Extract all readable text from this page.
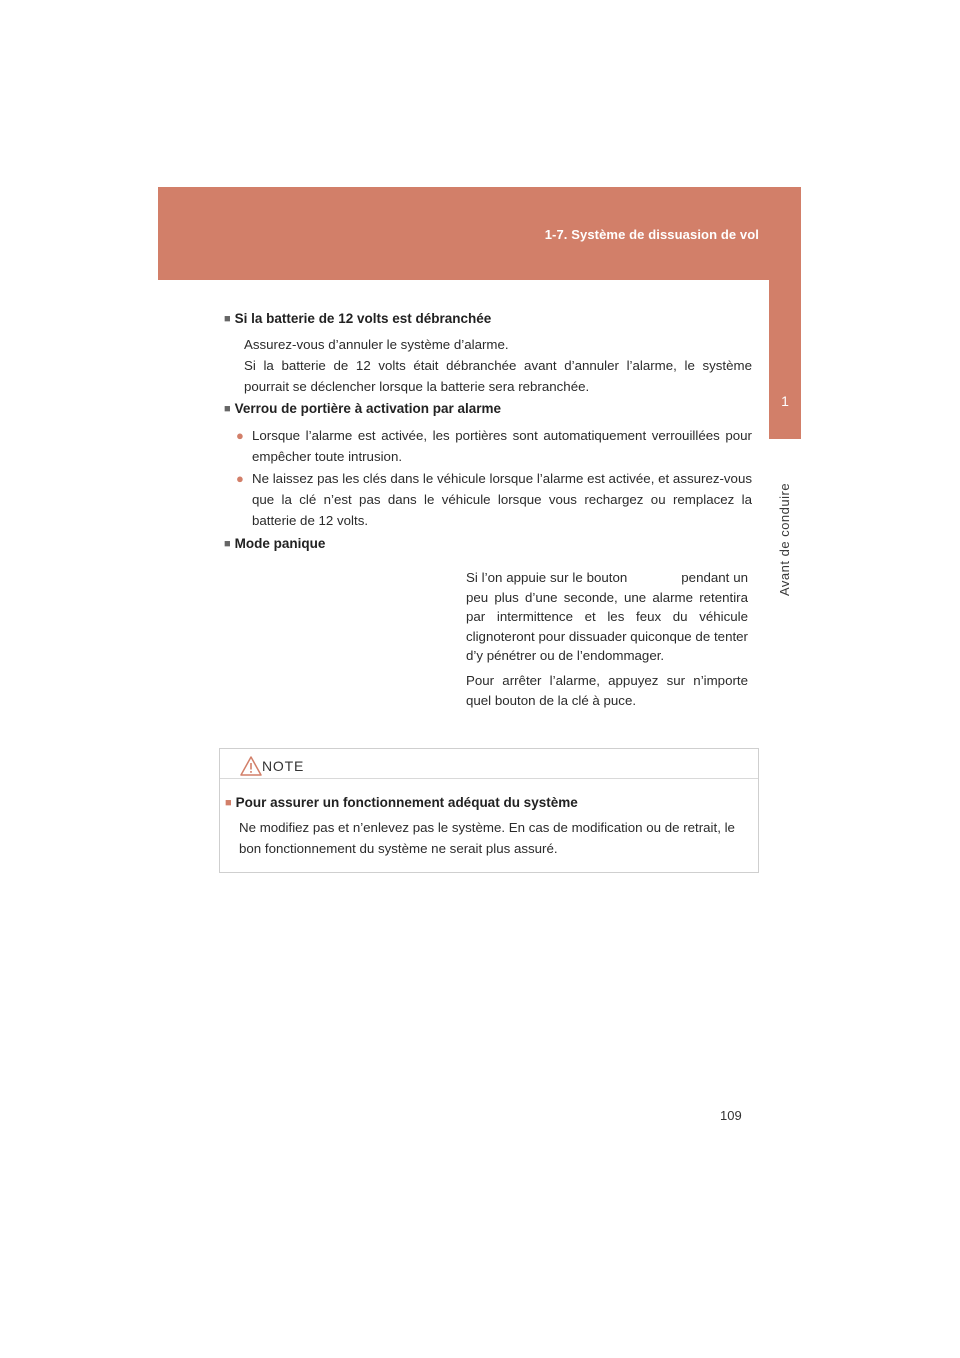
1-7. Système de dissuasion de vol
1
Avant de conduire
■ Si la batterie de 12 volts est débranchée
Assurez-vous d’annuler le système d’alarme.
Si la batterie de 12 volts était débranchée avant d’annuler l’alarme, le système pourrait se déclencher lorsque la batterie sera rebranchée.
■ Verrou de portière à activation par alarme
● Lorsque l’alarme est activée, les portières sont automatiquement verrouillées pour empêcher toute intrusion.
● Ne laissez pas les clés dans le véhicule lorsque l’alarme est activée, et assurez-vous que la clé n’est pas dans le véhicule lorsque vous rechargez ou remplacez la batterie de 12 volts.
■ Mode panique
Si l’on appuie sur le bouton              pendant un peu plus d’une seconde, une alarme retentira par intermittence et les feux du véhicule clignoteront pour dissuader quiconque de tenter d’y pénétrer ou de l’endommager.
Pour arrêter l’alarme, appuyez sur n’importe quel bouton de la clé à puce.
NOTE
■ Pour assurer un fonctionnement adéquat du système
Ne modifiez pas et n’enlevez pas le système. En cas de modification ou de retrait, le bon fonctionnement du système ne serait plus assuré.
109
